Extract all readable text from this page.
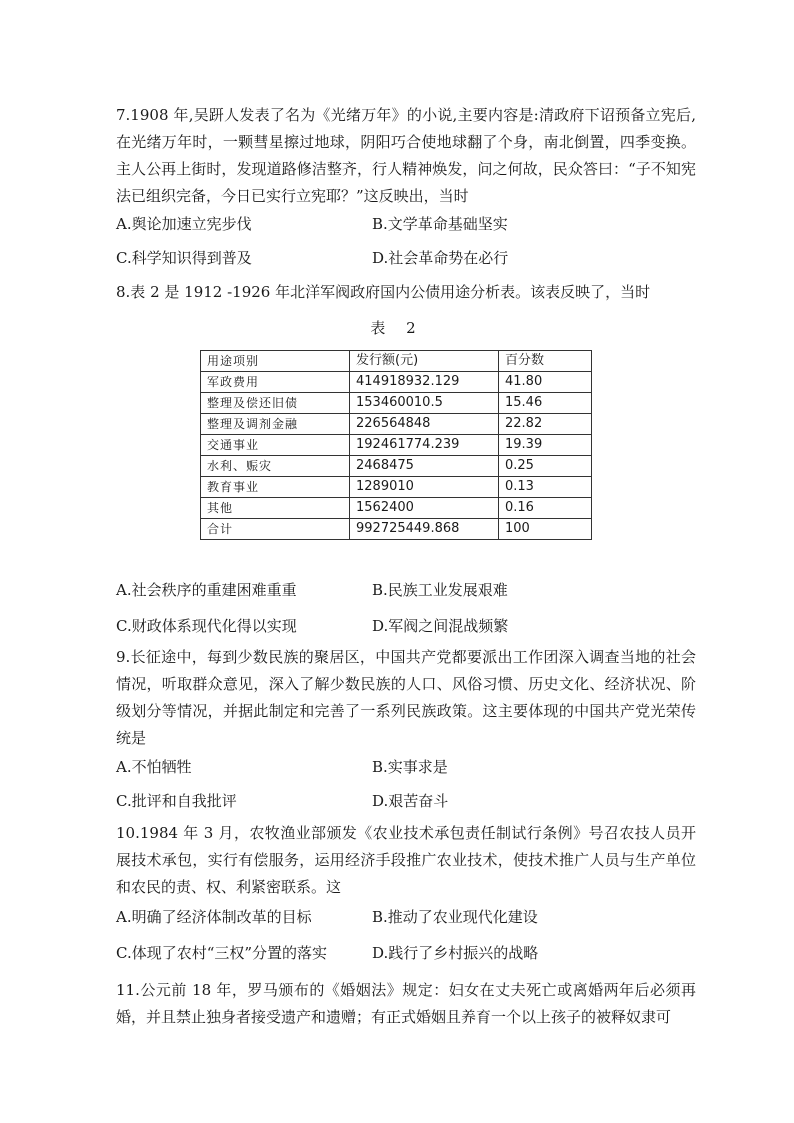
7.1908 年,吴趼人发表了名为《光绪万年》的小说,主要内容是:清政府下诏预备立宪后,在光绪万年时，一颗彗星擦过地球，阴阳巧合使地球翻了个身，南北倒置，四季变换。主人公再上街时，发现道路修洁整齐，行人精神焕发，问之何故，民众答曰：“子不知宪法已组织完备，今日已实行立宪耶？”这反映出，当时

A.舆论加速立宪步伐	B.文学革命基础坚实
C.科学知识得到普及	D.社会革命势在必行

8.表 2 是 1912 -1926 年北洋军阀政府国内公债用途分析表。该表反映了，当时

表 2
用途项别	发行额(元)	百分数
军政费用	414918932.129	41.80
整理及偿还旧债	153460010.5	15.46
整理及调剂金融	226564848	22.82
交通事业	192461774.239	19.39
水利、赈灾	2468475	0.25
教育事业	1289010	0.13
其他	1562400	0.16
合计	992725449.868	100
A.社会秩序的重建困难重重	B.民族工业发展艰难
C.财政体系现代化得以实现	D.军阀之间混战频繁

9.长征途中，每到少数民族的聚居区，中国共产党都要派出工作团深入调查当地的社会情况，听取群众意见，深入了解少数民族的人口、风俗习惯、历史文化、经济状况、阶级划分等情况，并据此制定和完善了一系列民族政策。这主要体现的中国共产党光荣传统是

A.不怕牺牲	B.实事求是
C.批评和自我批评	D.艰苦奋斗

10.1984 年 3 月，农牧渔业部颁发《农业技术承包责任制试行条例》号召农技人员开展技术承包，实行有偿服务，运用经济手段推广农业技术，使技术推广人员与生产单位和农民的责、权、利紧密联系。这

A.明确了经济体制改革的目标	B.推动了农业现代化建设
C.体现了农村“三权”分置的落实	D.践行了乡村振兴的战略

11.公元前 18 年，罗马颁布的《婚姻法》规定：妇女在丈夫死亡或离婚两年后必须再婚，并且禁止独身者接受遗产和遗赠；有正式婚姻且养育一个以上孩子的被释奴隶可
